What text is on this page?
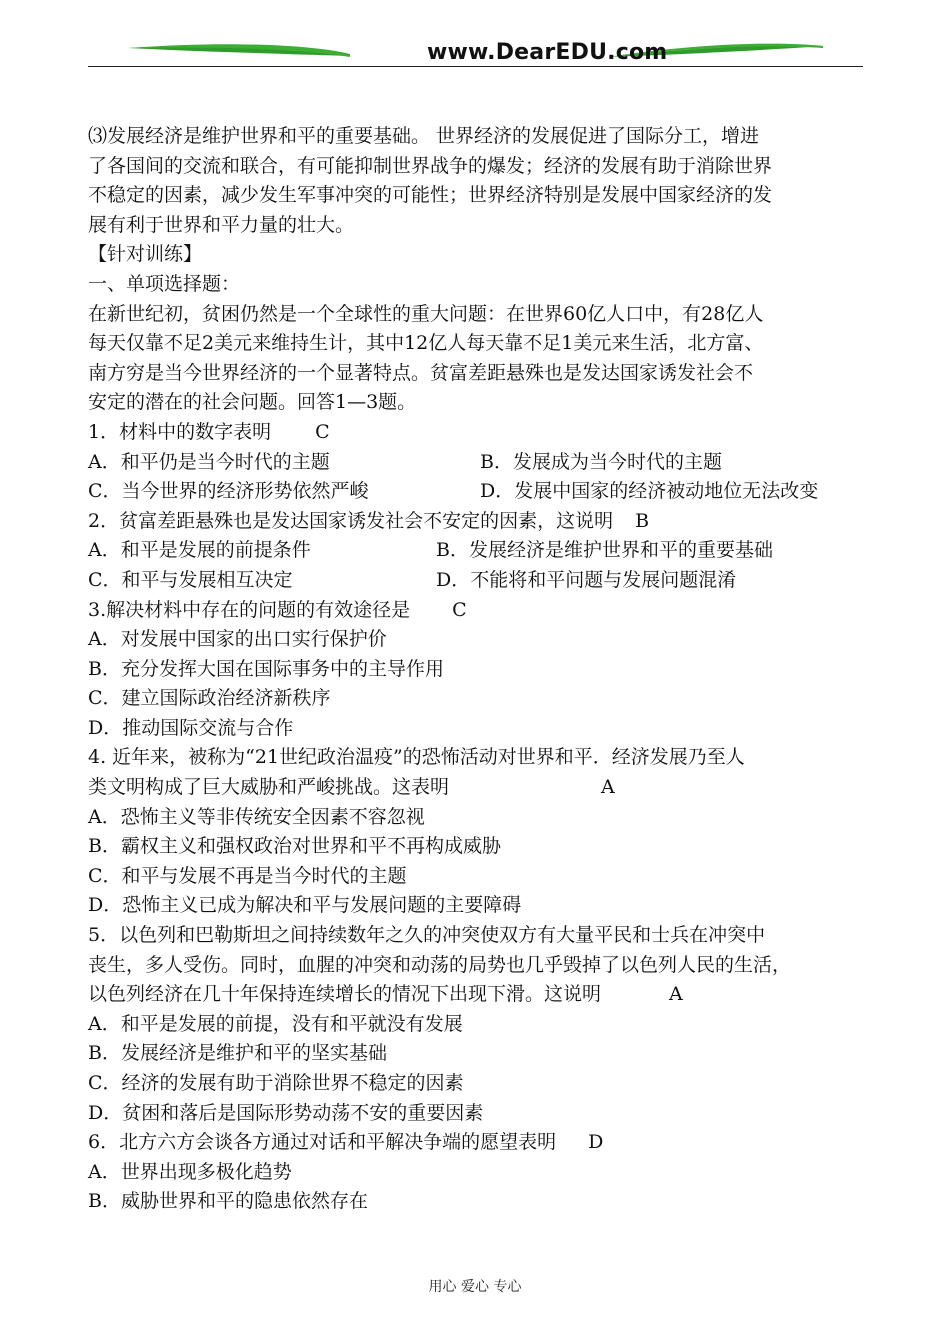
www.DearEDU.com
⑶发展经济是维护世界和平的重要基础。 世界经济的发展促进了国际分工，增进
了各国间的交流和联合，有可能抑制世界战争的爆发；经济的发展有助于消除世界
不稳定的因素，减少发生军事冲突的可能性；世界经济特别是发展中国家经济的发
展有利于世界和平力量的壮大。
【针对训练】
一、单项选择题：
在新世纪初，贫困仍然是一个全球性的重大问题：在世界60亿人口中，有28亿人
每天仅靠不足2美元来维持生计，其中12亿人每天靠不足1美元来生活，北方富、
南方穷是当今世界经济的一个显著特点。贫富差距悬殊也是发达国家诱发社会不
安定的潜在的社会问题。回答1—3题。
1．材料中的数字表明 C
A．和平仍是当今时代的主题	B．发展成为当今时代的主题
C．当今世界的经济形势依然严峻	D．发展中国家的经济被动地位无法改变
2．贫富差距悬殊也是发达国家诱发社会不安定的因素，这说明 B
A．和平是发展的前提条件	B．发展经济是维护世界和平的重要基础
C．和平与发展相互决定	D．不能将和平问题与发展问题混淆
3.解决材料中存在的问题的有效途径是 C
A．对发展中国家的出口实行保护价
B．充分发挥大国在国际事务中的主导作用
C．建立国际政治经济新秩序
D．推动国际交流与合作
4. 近年来，被称为“21世纪政治温疫”的恐怖活动对世界和平．经济发展乃至人
类文明构成了巨大威胁和严峻挑战。这表明	A
A．恐怖主义等非传统安全因素不容忽视
B．霸权主义和强权政治对世界和平不再构成威胁
C．和平与发展不再是当今时代的主题
D．恐怖主义已成为解决和平与发展问题的主要障碍
5．以色列和巴勒斯坦之间持续数年之久的冲突使双方有大量平民和士兵在冲突中
丧生，多人受伤。同时，血腥的冲突和动荡的局势也几乎毁掉了以色列人民的生活，
以色列经济在几十年保持连续增长的情况下出现下滑。这说明	A
A．和平是发展的前提，没有和平就没有发展
B．发展经济是维护和平的坚实基础
C．经济的发展有助于消除世界不稳定的因素
D．贫困和落后是国际形势动荡不安的重要因素
6．北方六方会谈各方通过对话和平解决争端的愿望表明 D
A．世界出现多极化趋势
B．威胁世界和平的隐患依然存在
用心 爱心 专心
